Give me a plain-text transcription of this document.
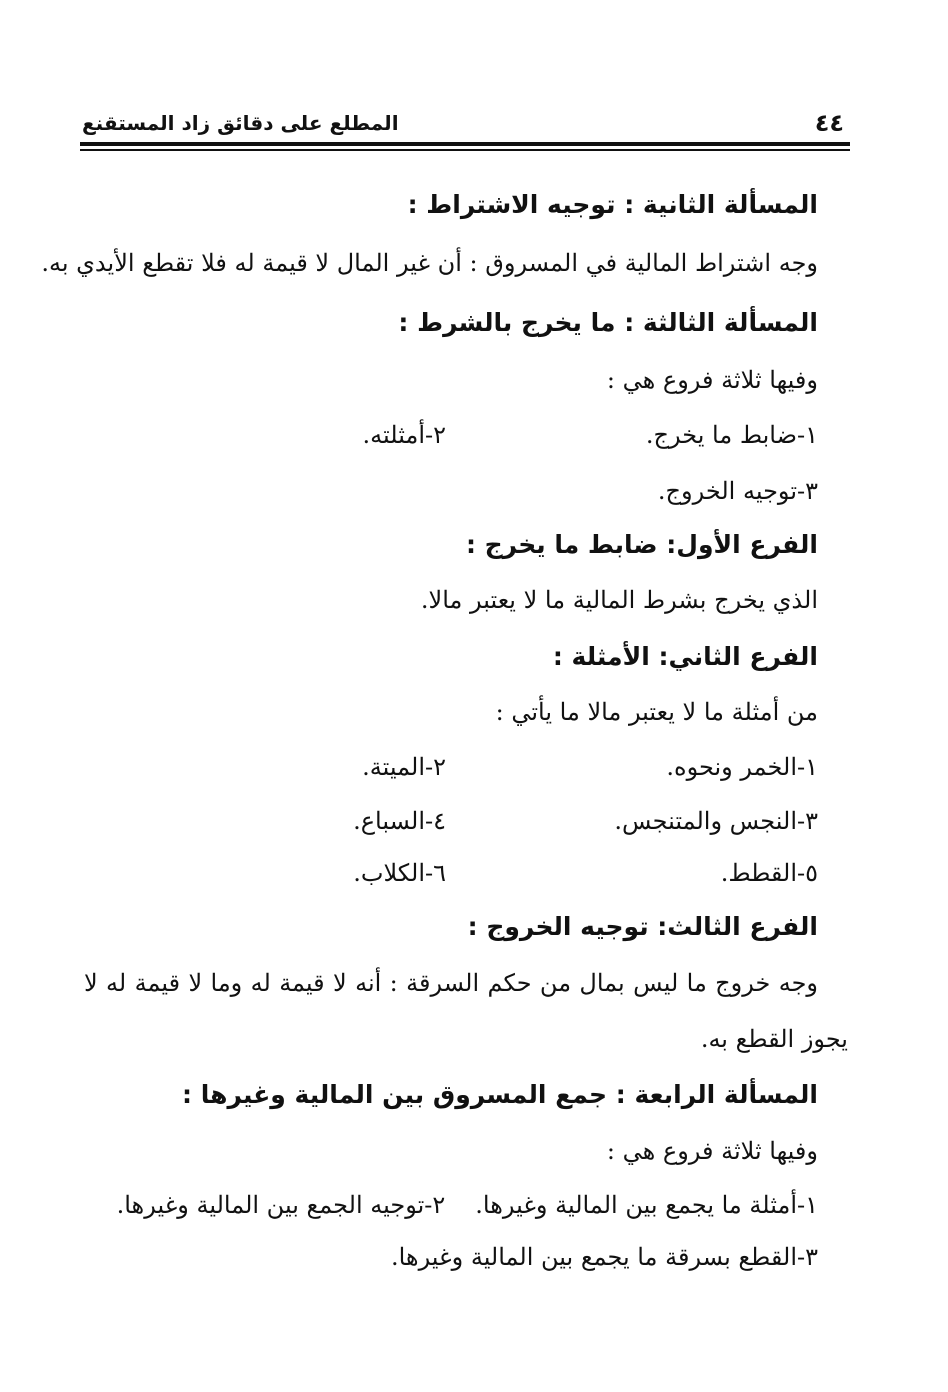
٤٤
المطلع على دقائق زاد المستقنع
المسألة الثانية : توجيه الاشتراط :
وجه اشتراط المالية في المسروق : أن غير المال لا قيمة له فلا تقطع الأيدي به.
المسألة الثالثة : ما يخرج بالشرط :
وفيها ثلاثة فروع هي :
١-ضابط ما يخرج.
٢-أمثلته.
٣-توجيه الخروج.
الفرع الأول: ضابط ما يخرج :
الذي يخرج بشرط المالية ما لا يعتبر مالا.
الفرع الثاني: الأمثلة :
من أمثلة ما لا يعتبر مالا ما يأتي :
١-الخمر ونحوه.
٢-الميتة.
٣-النجس والمتنجس.
٤-السباع.
٥-القطط.
٦-الكلاب.
الفرع الثالث: توجيه الخروج :
وجه خروج ما ليس بمال من حكم السرقة : أنه لا قيمة له وما لا قيمة له لا
يجوز القطع به.
المسألة الرابعة : جمع المسروق بين المالية وغيرها :
وفيها ثلاثة فروع هي :
١-أمثلة ما يجمع بين المالية وغيرها.٢-توجيه الجمع بين المالية وغيرها.
٣-القطع بسرقة ما يجمع بين المالية وغيرها.
